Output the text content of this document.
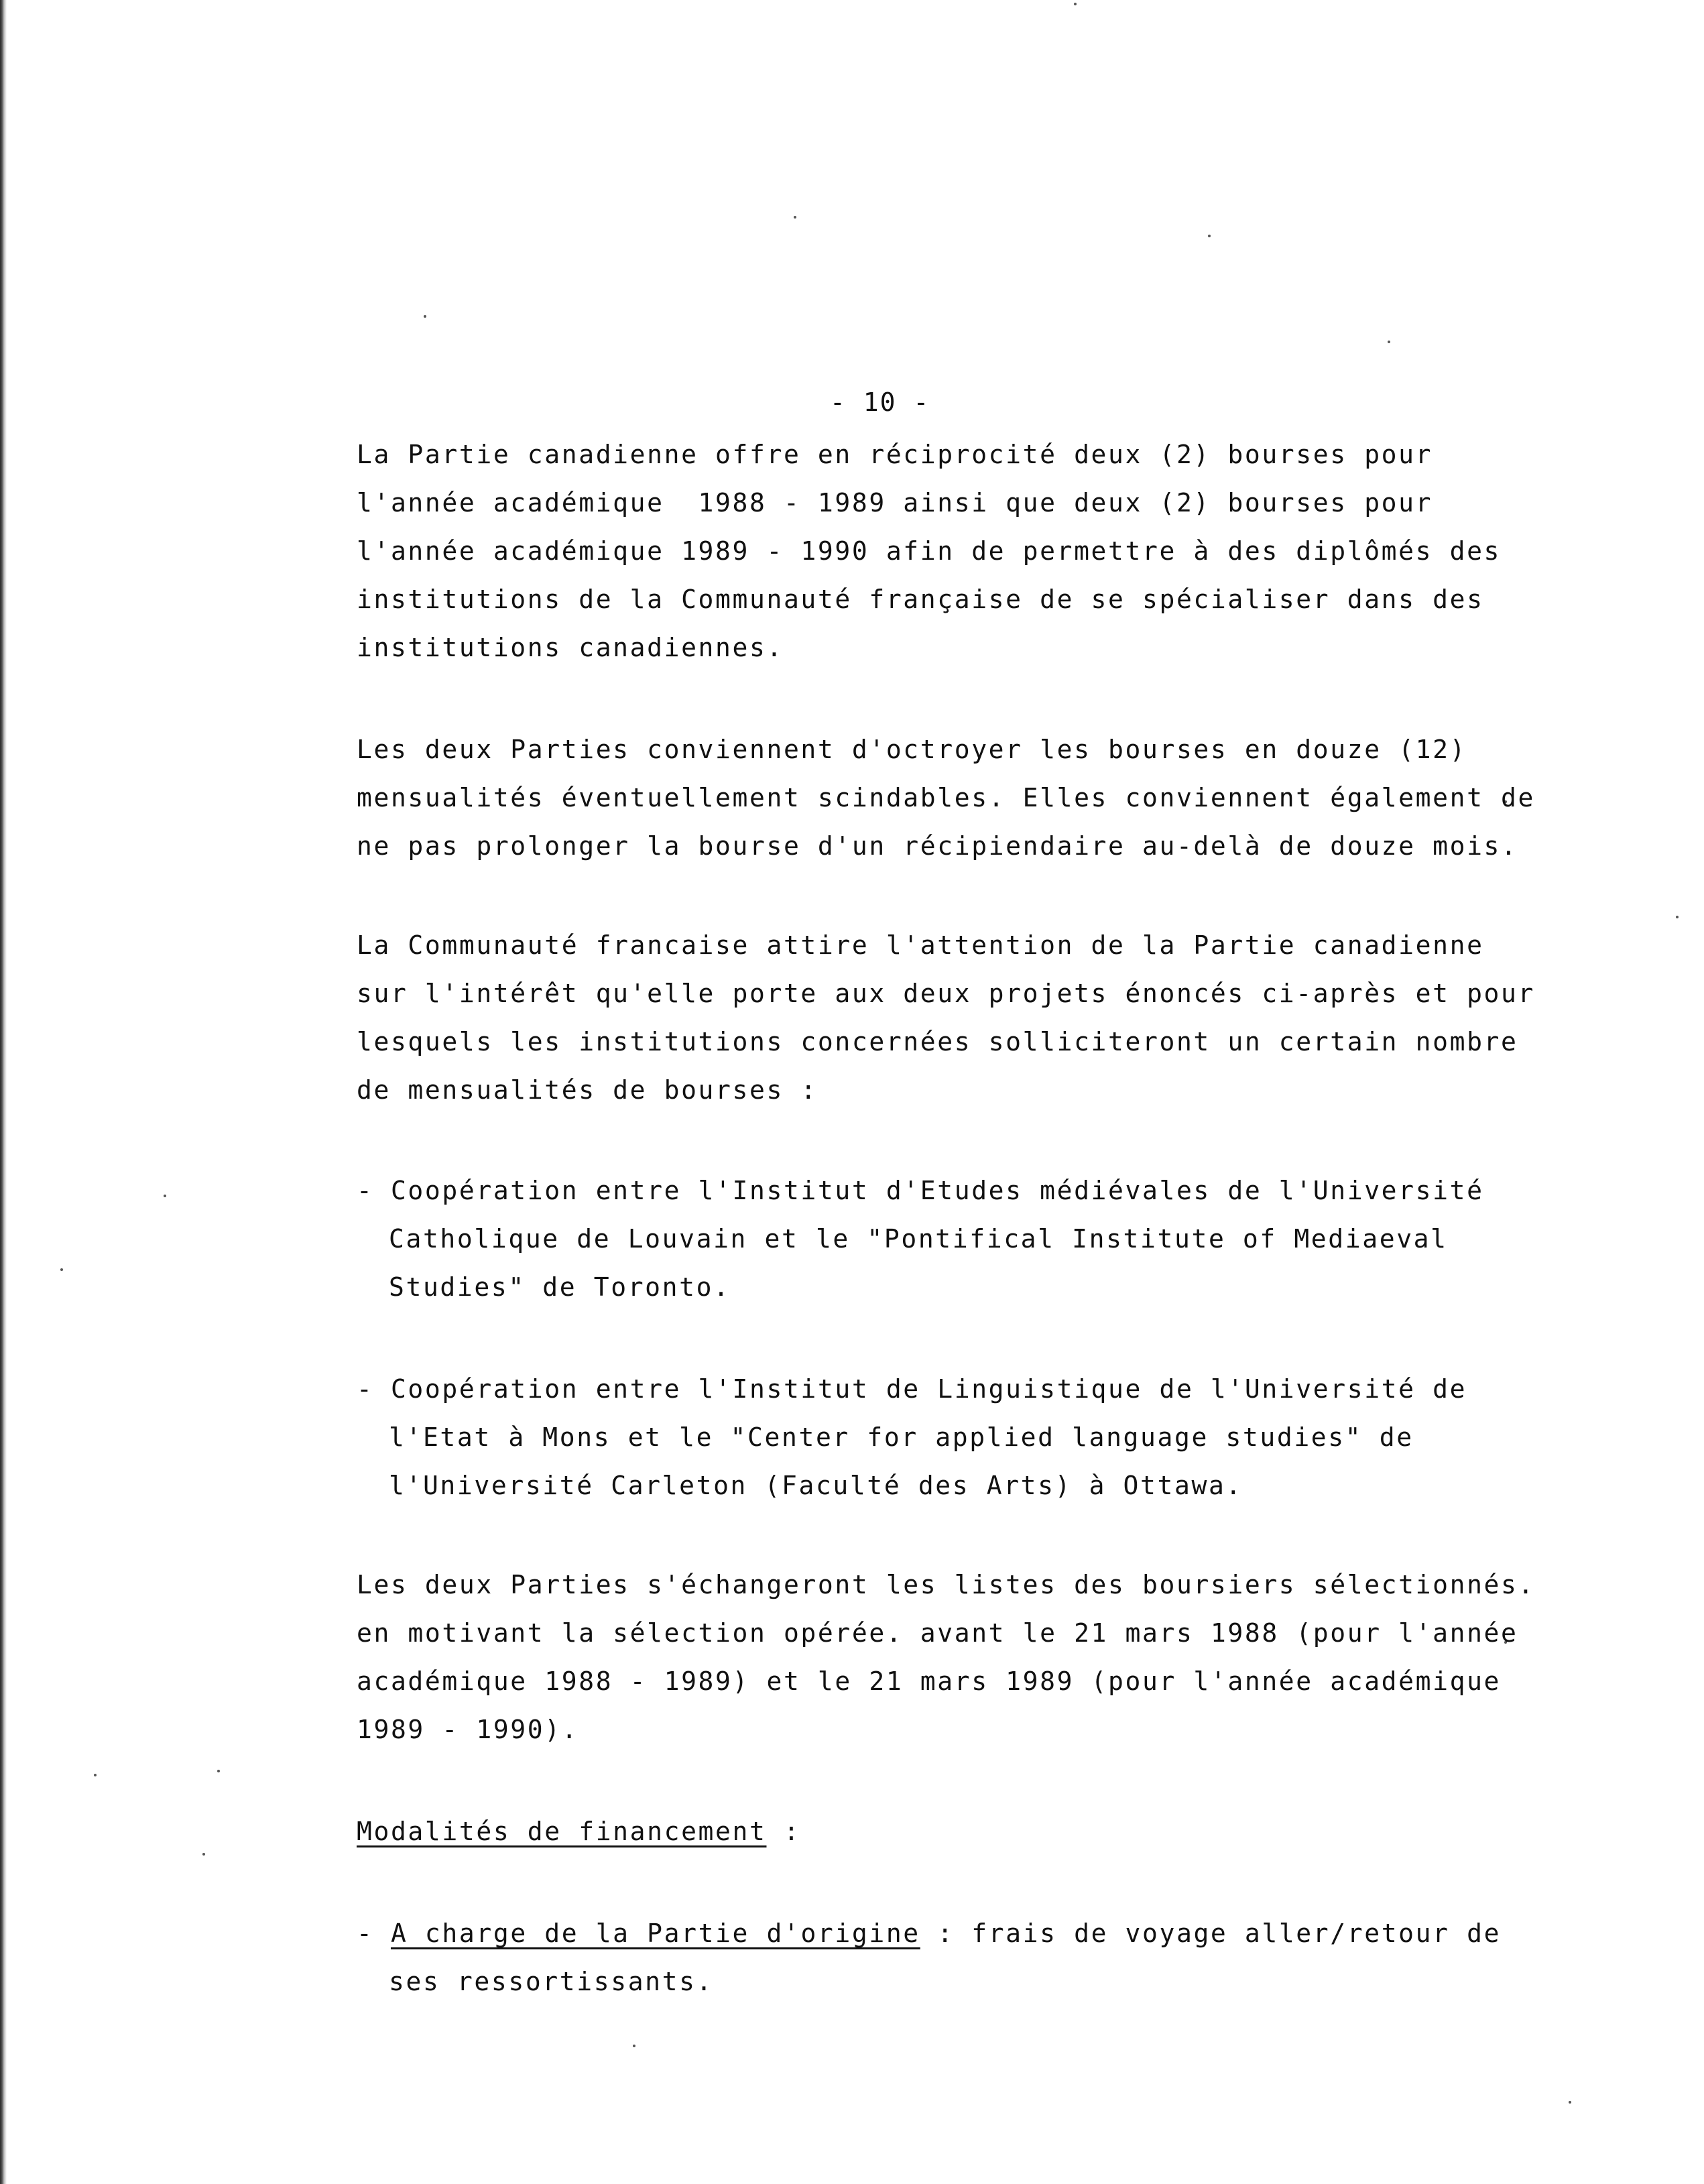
- 10 -
La Partie canadienne offre en réciprocité deux (2) bourses pour
l'année académique  1988 - 1989 ainsi que deux (2) bourses pour
l'année académique 1989 - 1990 afin de permettre à des diplômés des
institutions de la Communauté française de se spécialiser dans des
institutions canadiennes.
Les deux Parties conviennent d'octroyer les bourses en douze (12)
mensualités éventuellement scindables. Elles conviennent également de
ne pas prolonger la bourse d'un récipiendaire au-delà de douze mois.
La Communauté francaise attire l'attention de la Partie canadienne
sur l'intérêt qu'elle porte aux deux projets énoncés ci-après et pour
lesquels les institutions concernées solliciteront un certain nombre
de mensualités de bourses :
- Coopération entre l'Institut d'Etudes médiévales de l'Université
Catholique de Louvain et le "Pontifical Institute of Mediaeval
Studies" de Toronto.
- Coopération entre l'Institut de Linguistique de l'Université de
l'Etat à Mons et le "Center for applied language studies" de
l'Université Carleton (Faculté des Arts) à Ottawa.
Les deux Parties s'échangeront les listes des boursiers sélectionnés.
en motivant la sélection opérée. avant le 21 mars 1988 (pour l'année
académique 1988 - 1989) et le 21 mars 1989 (pour l'année académique
1989 - 1990).
Modalités de financement :
- A charge de la Partie d'origine : frais de voyage aller/retour de
ses ressortissants.
